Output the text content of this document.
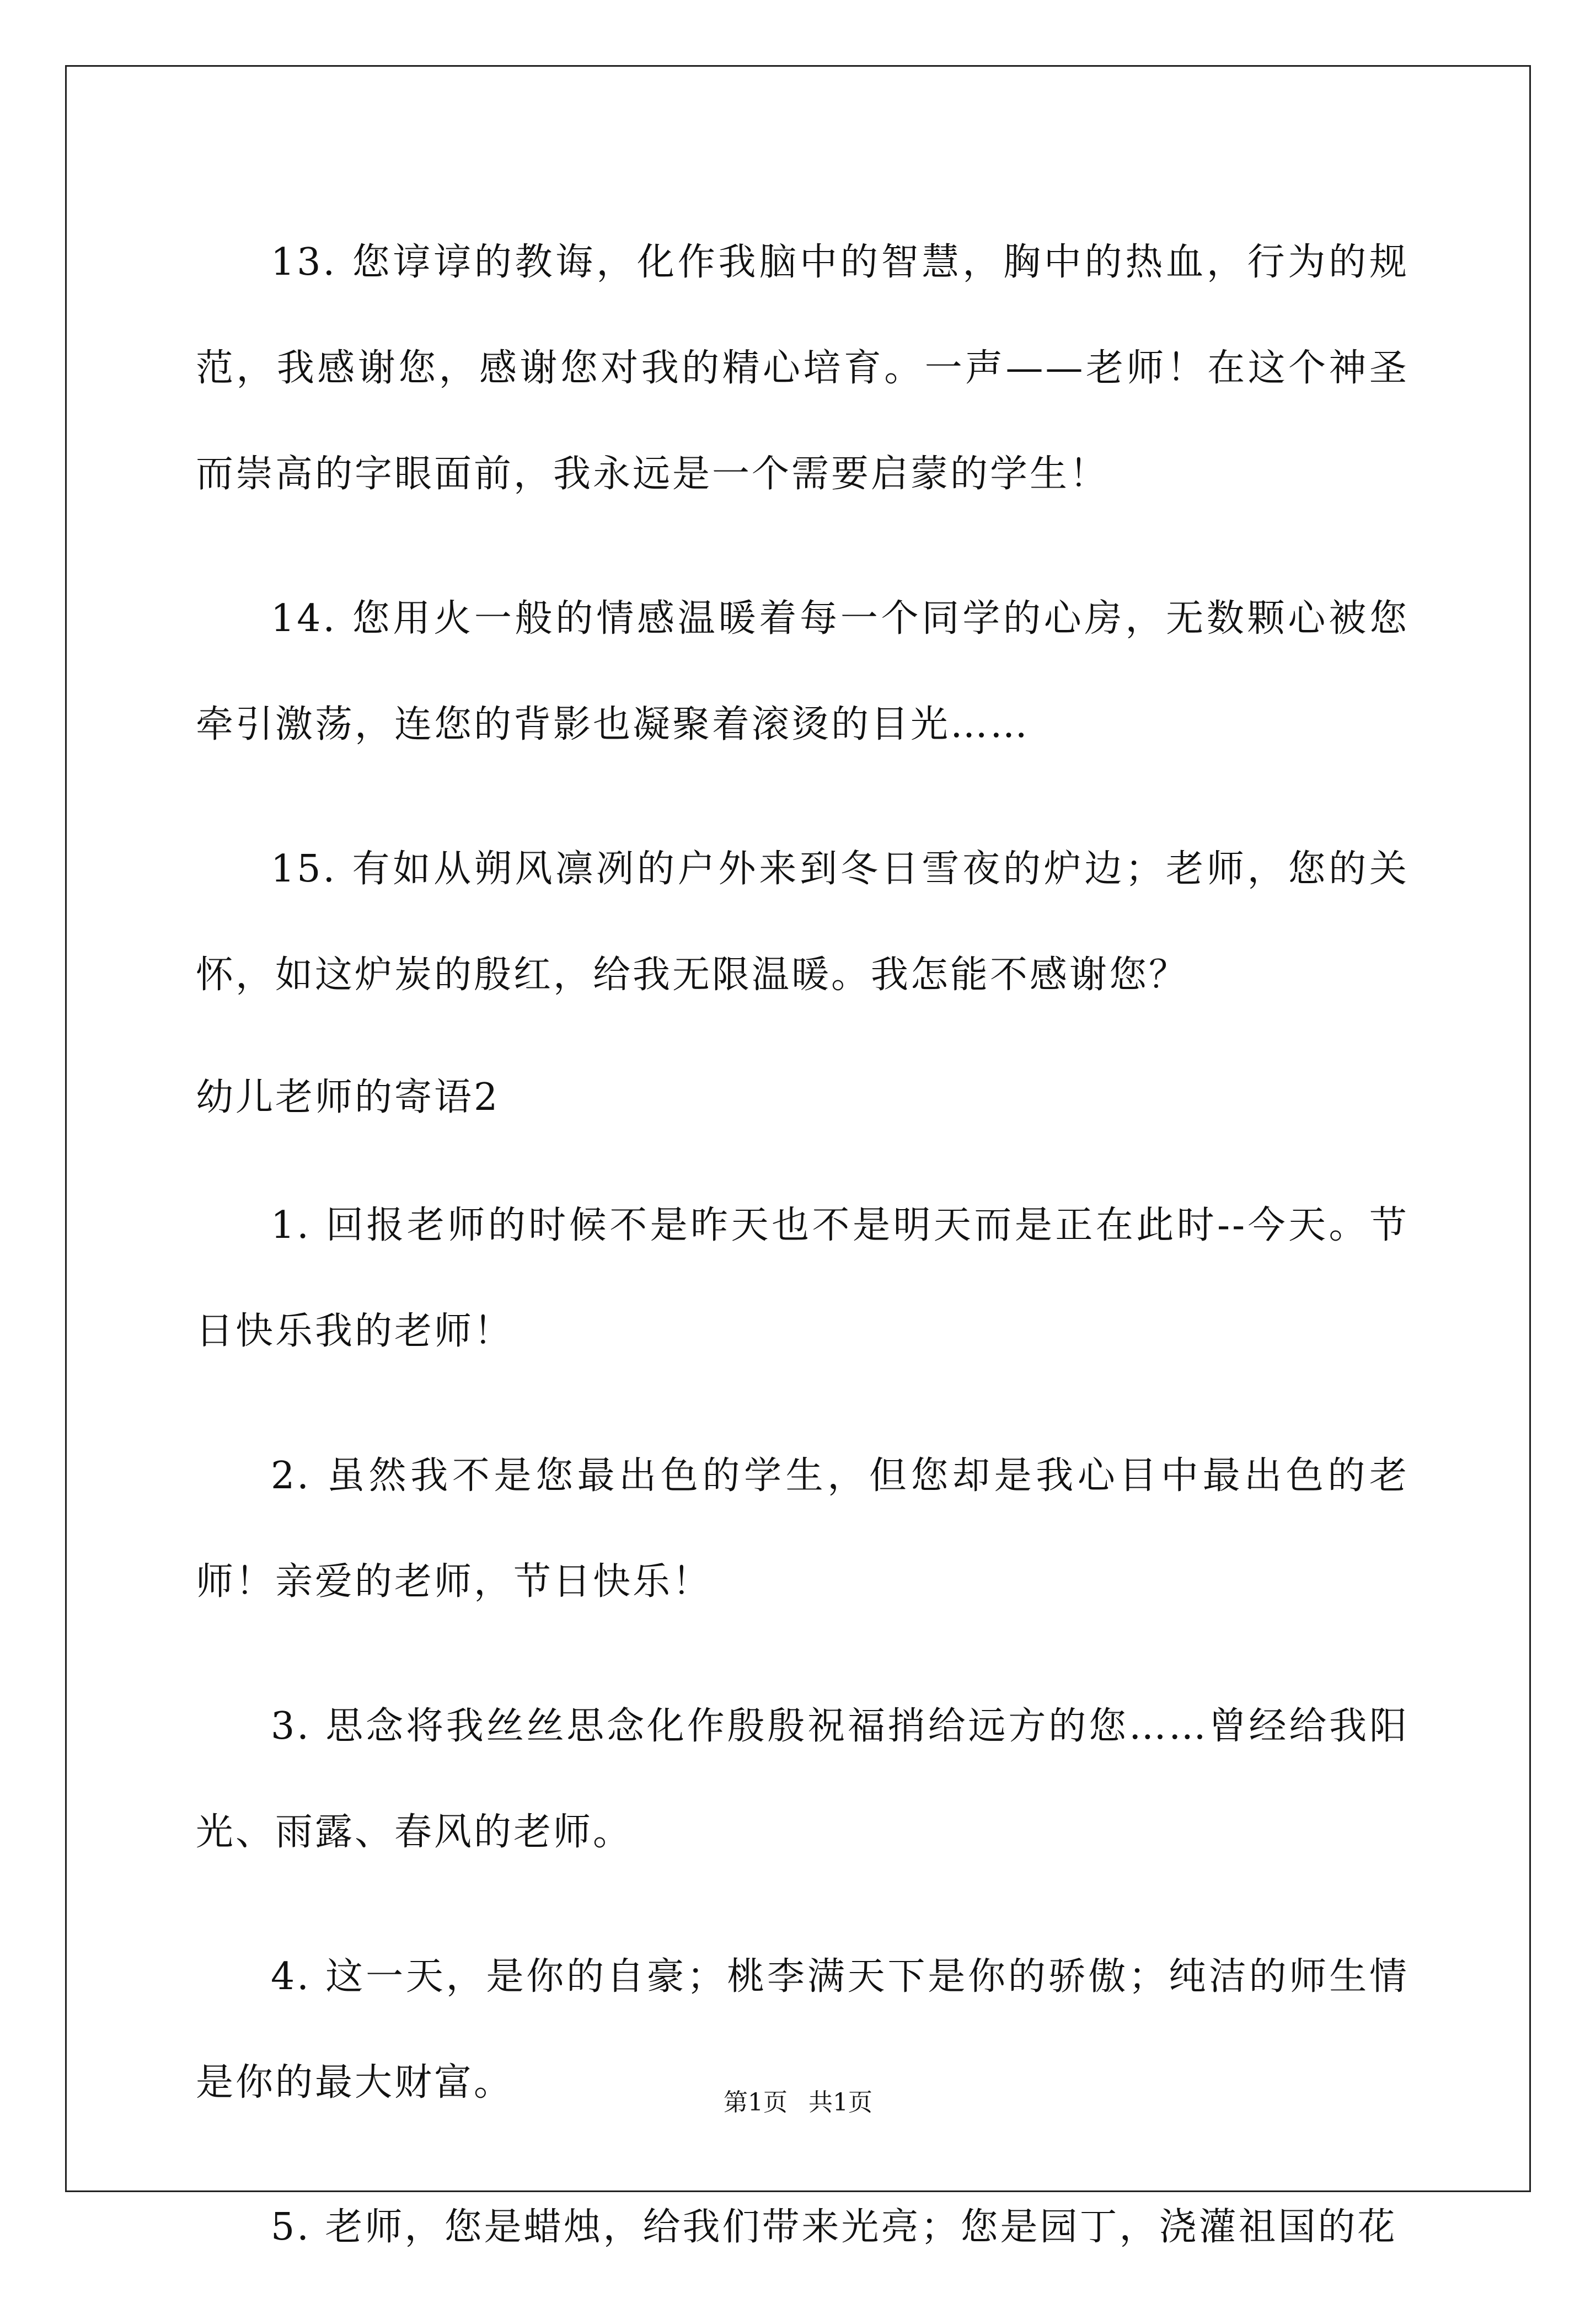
13. 您谆谆的教诲，化作我脑中的智慧，胸中的热血，行为的规范，我感谢您，感谢您对我的精心培育。一声——老师！在这个神圣而崇高的字眼面前，我永远是一个需要启蒙的学生！

14. 您用火一般的情感温暖着每一个同学的心房，无数颗心被您牵引激荡，连您的背影也凝聚着滚烫的目光……

15. 有如从朔风凛冽的户外来到冬日雪夜的炉边；老师，您的关怀，如这炉炭的殷红，给我无限温暖。我怎能不感谢您？

幼儿老师的寄语2

1. 回报老师的时候不是昨天也不是明天而是正在此时--今天。节日快乐我的老师！

2. 虽然我不是您最出色的学生，但您却是我心目中最出色的老师！亲爱的老师，节日快乐！

3. 思念将我丝丝思念化作殷殷祝福捎给远方的您……曾经给我阳光、雨露、春风的老师。

4. 这一天，是你的自豪；桃李满天下是你的骄傲；纯洁的师生情是你的最大财富。

5. 老师，您是蜡烛，给我们带来光亮；您是园丁，浇灌祖国的花

第1页 共1页
